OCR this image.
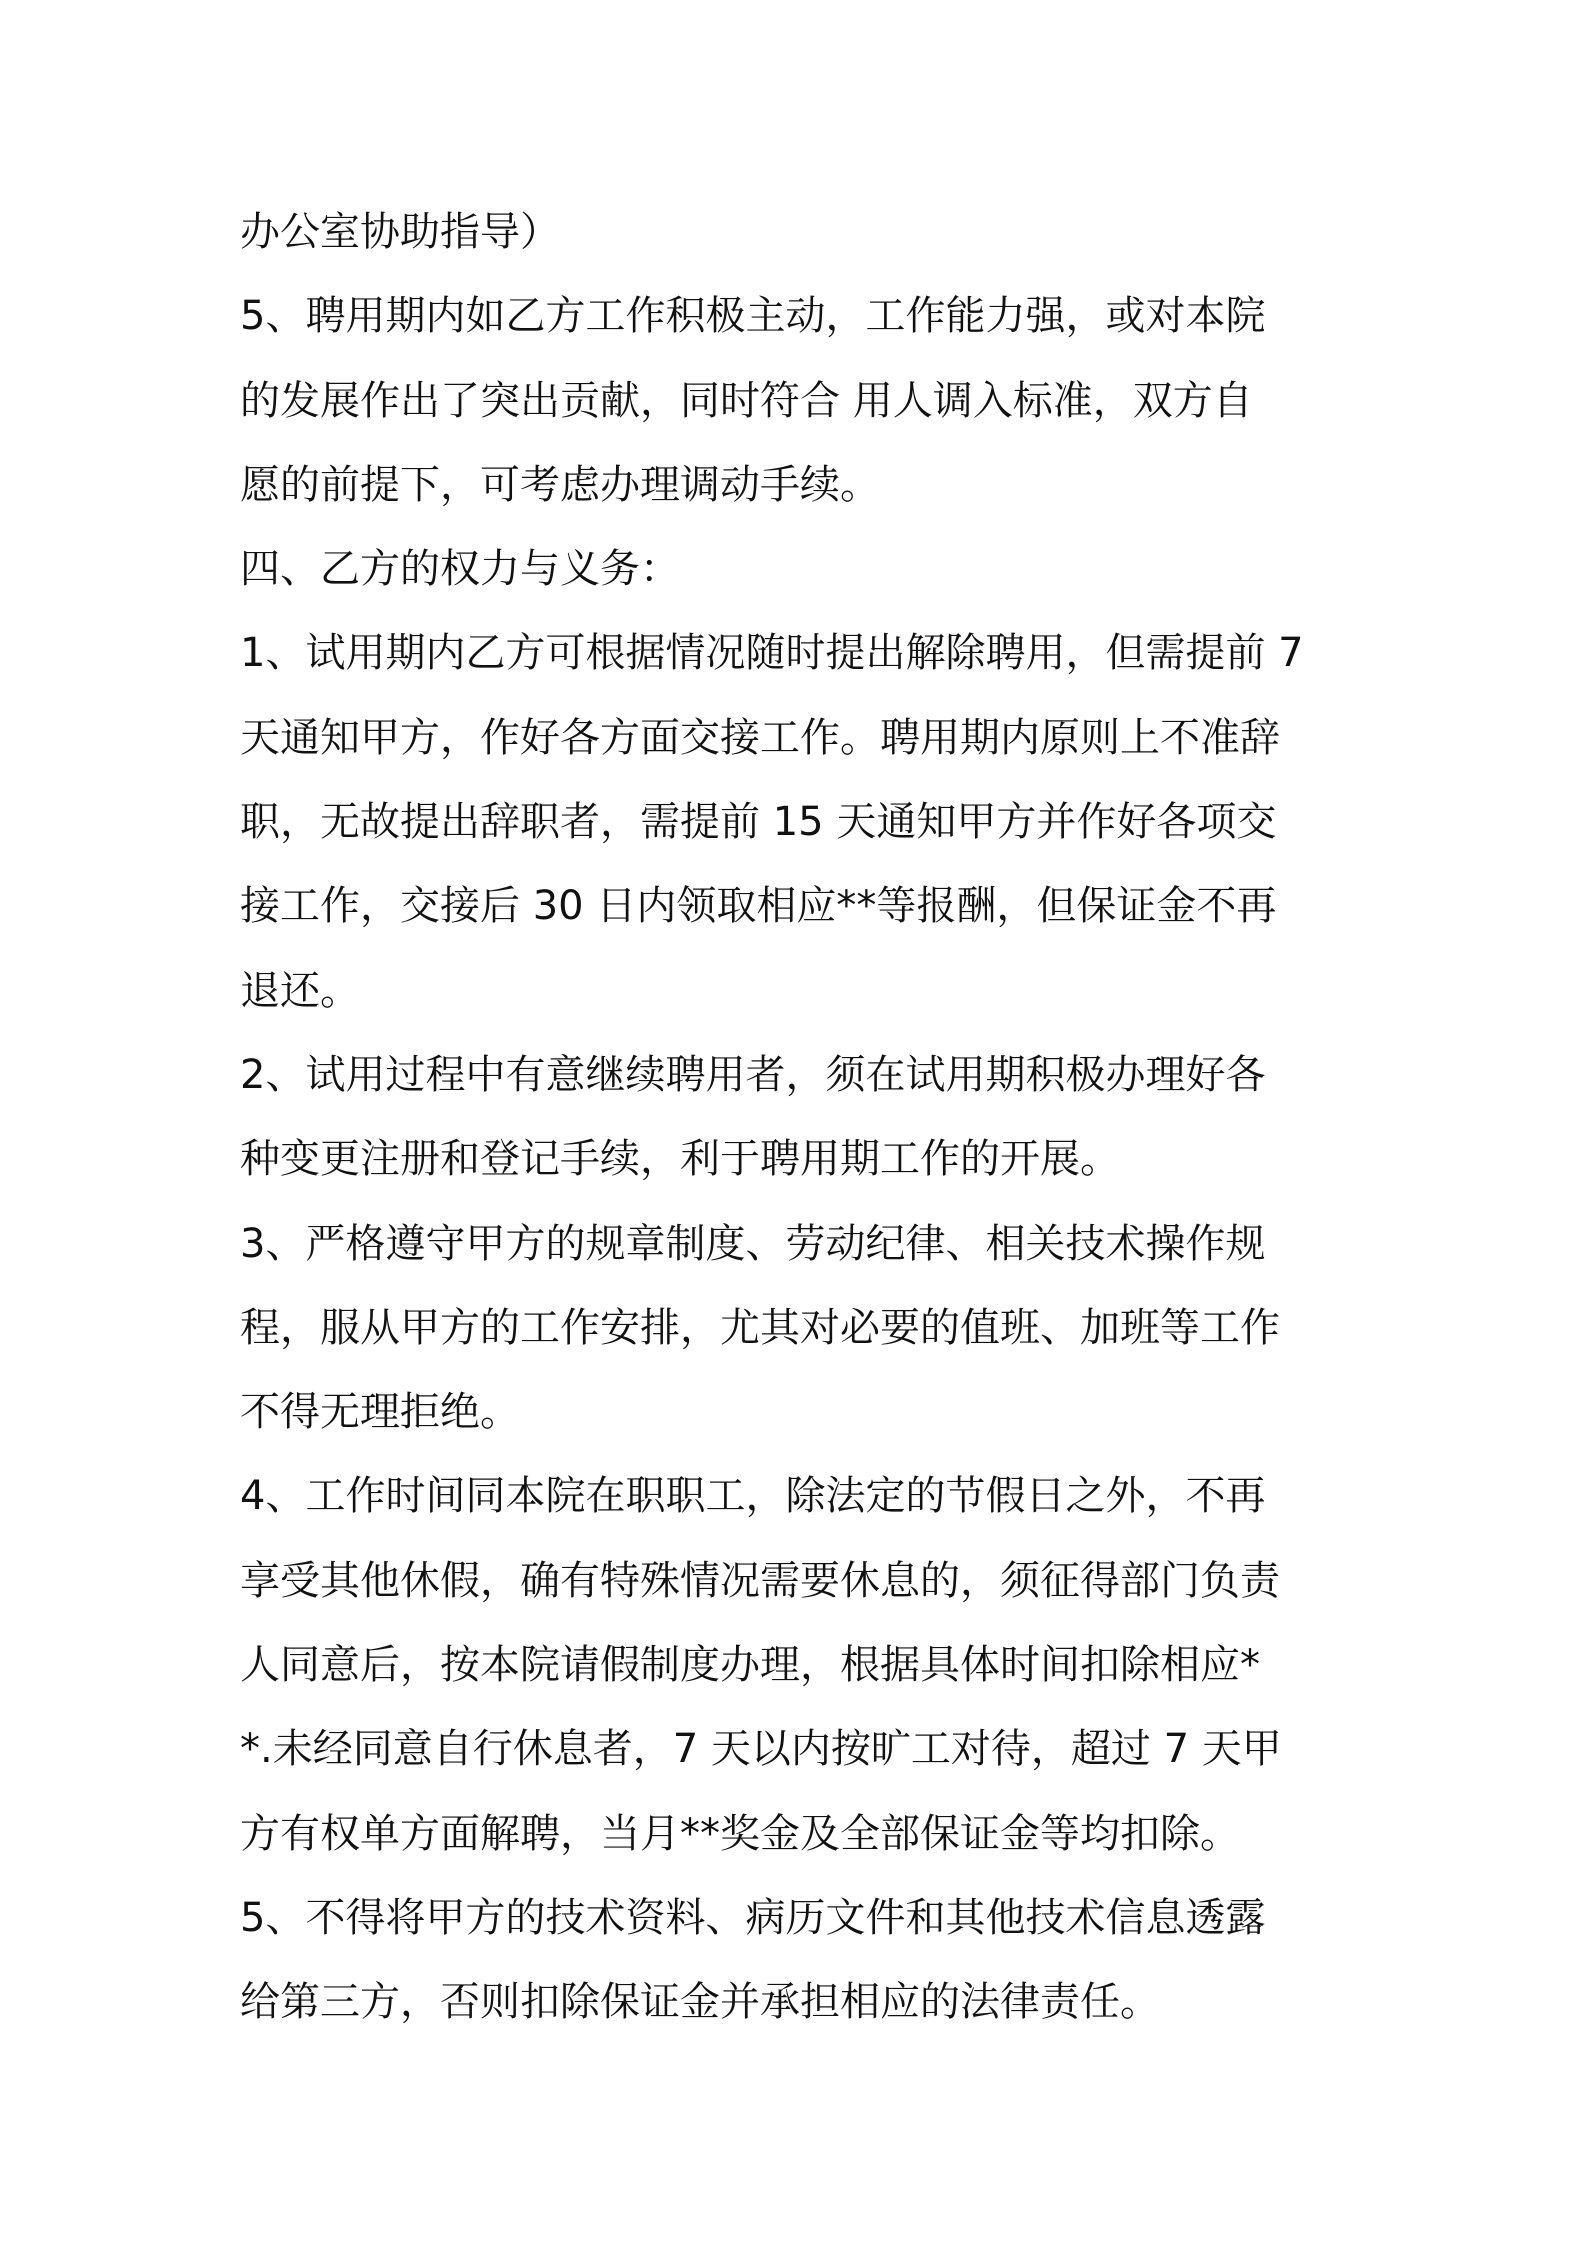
办公室协助指导）
5、聘用期内如乙方工作积极主动，工作能力强，或对本院
的发展作出了突出贡献，同时符合 用人调入标准，双方自
愿的前提下，可考虑办理调动手续。
四、乙方的权力与义务：
1、试用期内乙方可根据情况随时提出解除聘用，但需提前 7
天通知甲方，作好各方面交接工作。聘用期内原则上不准辞
职，无故提出辞职者，需提前 15 天通知甲方并作好各项交
接工作，交接后 30 日内领取相应**等报酬，但保证金不再
退还。
2、试用过程中有意继续聘用者，须在试用期积极办理好各
种变更注册和登记手续，利于聘用期工作的开展。
3、严格遵守甲方的规章制度、劳动纪律、相关技术操作规
程，服从甲方的工作安排，尤其对必要的值班、加班等工作
不得无理拒绝。
4、工作时间同本院在职职工，除法定的节假日之外，不再
享受其他休假，确有特殊情况需要休息的，须征得部门负责
人同意后，按本院请假制度办理，根据具体时间扣除相应*
*.未经同意自行休息者，7 天以内按旷工对待，超过 7 天甲
方有权单方面解聘，当月**奖金及全部保证金等均扣除。
5、不得将甲方的技术资料、病历文件和其他技术信息透露
给第三方，否则扣除保证金并承担相应的法律责任。
